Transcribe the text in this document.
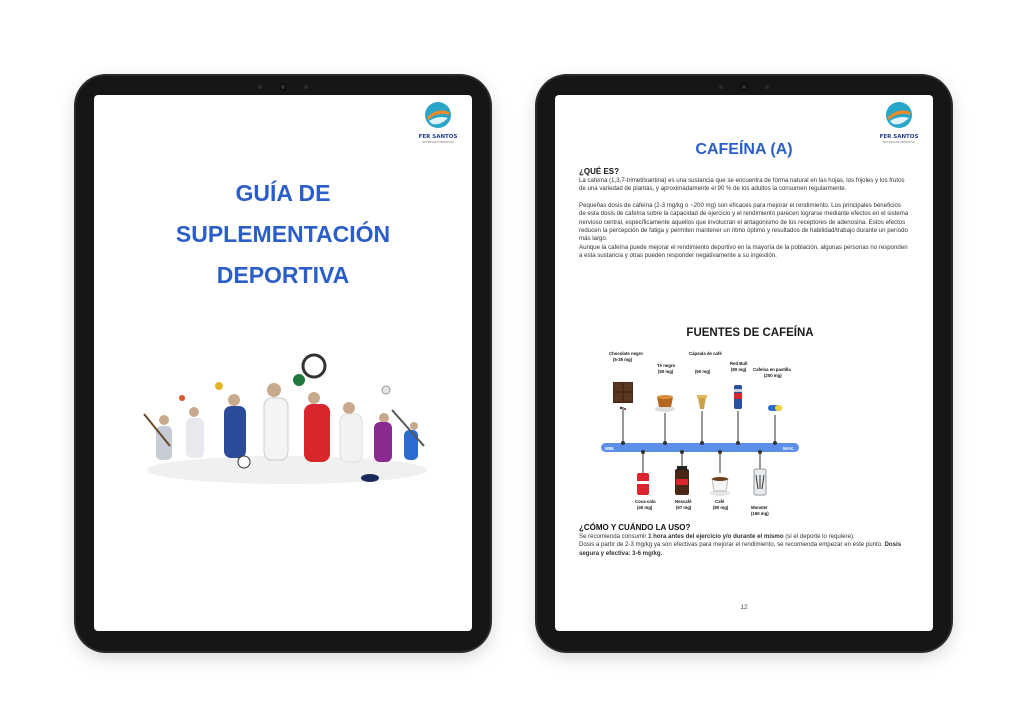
FER SANTOS
NUTRICIÓN DEPORTIVA
GUÍA DE
SUPLEMENTACIÓN
DEPORTIVA
FER SANTOS
NUTRICIÓN DEPORTIVA
CAFEÍNA (A)
¿QUÉ ES?

La cafeína (1,3,7-trimetilxantina) es una sustancia que se encuentra de forma natural en las hojas, los frijoles y los frutos de una variedad de plantas, y aproximadamente el 90 % de los adultos la consumen regularmente.

Pequeñas dosis de cafeína (2-3 mg/kg o ~200 mg) son eficaces para mejorar el rendimiento. Los principales beneficios de esta dosis de cafeína sobre la capacidad de ejercicio y el rendimiento parecen lograrse mediante efectos en el sistema nervioso central, específicamente aquellos que involucran el antagonismo de los receptores de adenosina. Estos efectos reducen la percepción de fatiga y permiten mantener un ritmo óptimo y resultados de habilidad/trabajo durante un período más largo.

Aunque la cafeína puede mejorar el rendimiento deportivo en la mayoría de la población, algunas personas no responden a esta sustancia y otras pueden responder negativamente a su ingestión.

FUENTES DE CAFEÍNA
MIN.	MAX.
Chocolate negro
(5-35 mg)
Té negro
(50 mg)
Cápsula de café
(60 mg)
Red Bull
(80 mg) Cafeína en pastilla
(200 mg)
Coca-cola
(40 mg)
Nescafé
(57 mg)
Café
(80 mg)	Monster
(160 mg)
¿CÓMO Y CUÁNDO LA USO?

Se recomienda consumir 1 hora antes del ejercicio y/o durante el mismo (si el deporte lo requiere).

Dosis a partir de 2-3 mg/kg ya son efectivas para mejorar el rendimiento, se recomienda empezar en este punto. Dosis segura y efectiva: 3-6 mg/kg.

12
